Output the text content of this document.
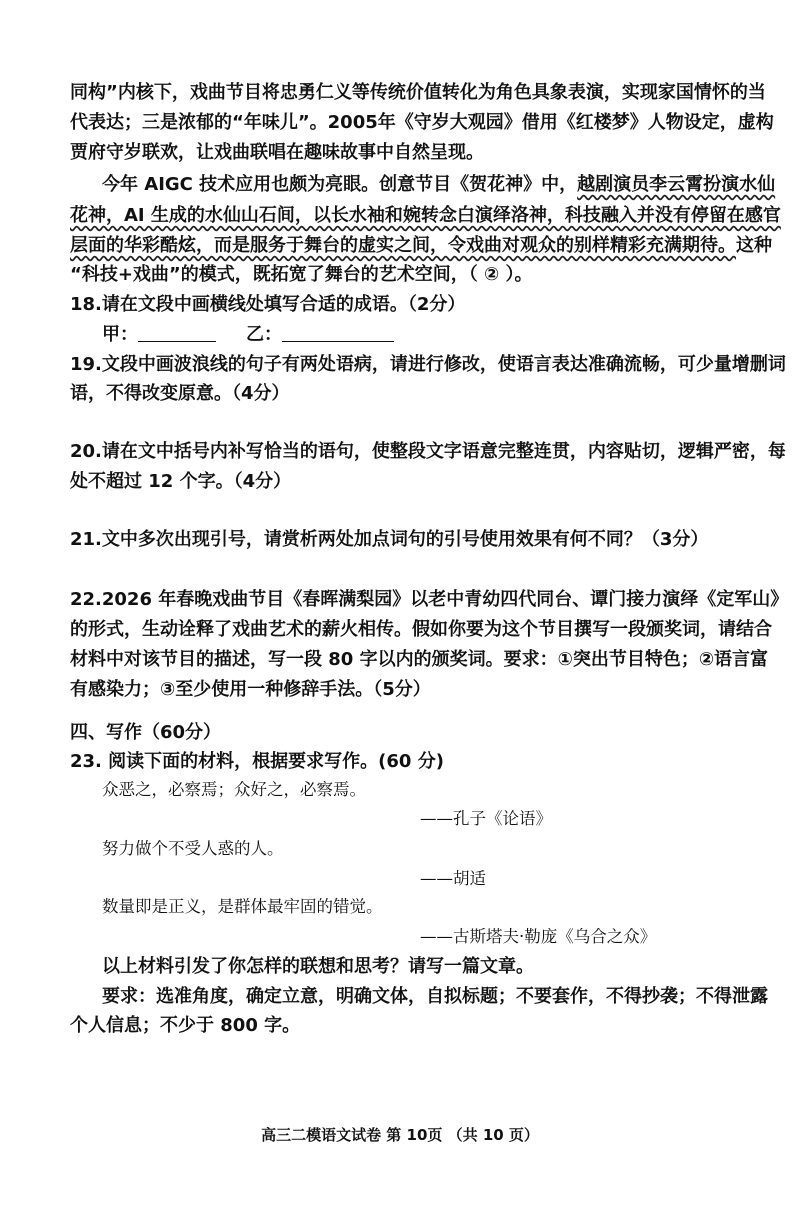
同构”内核下，戏曲节目将忠勇仁义等传统价值转化为角色具象表演，实现家国情怀的当
代表达；三是浓郁的“年味儿”。2005年《守岁大观园》借用《红楼梦》人物设定，虚构
贾府守岁联欢，让戏曲联唱在趣味故事中自然呈现。
今年 AIGC 技术应用也颇为亮眼。创意节目《贺花神》中，越剧演员李云霄扮演水仙
花神，AI 生成的水仙山石间，以长水袖和婉转念白演绎洛神，科技融入并没有停留在感官
层面的华彩酷炫，而是服务于舞台的虚实之间，令戏曲对观众的别样精彩充满期待。这种
“科技+戏曲”的模式，既拓宽了舞台的艺术空间，（ ② ）。
18.请在文段中画横线处填写合适的成语。（2分）
甲：	乙：
19.文段中画波浪线的句子有两处语病，请进行修改，使语言表达准确流畅，可少量增删词
语，不得改变原意。（4分）
20.请在文中括号内补写恰当的语句，使整段文字语意完整连贯，内容贴切，逻辑严密，每
处不超过 12 个字。（4分）
21.文中多次出现引号，请赏析两处加点词句的引号使用效果有何不同？（3分）
22.2026 年春晚戏曲节目《春晖满梨园》以老中青幼四代同台、谭门接力演绎《定军山》
的形式，生动诠释了戏曲艺术的薪火相传。假如你要为这个节目撰写一段颁奖词，请结合
材料中对该节目的描述，写一段 80 字以内的颁奖词。要求：①突出节目特色；②语言富
有感染力；③至少使用一种修辞手法。（5分）
四、写作（60分）
23. 阅读下面的材料，根据要求写作。(60 分)
众恶之，必察焉；众好之，必察焉。
——孔子《论语》
努力做个不受人惑的人。
——胡适
数量即是正义，是群体最牢固的错觉。
——古斯塔夫·勒庞《乌合之众》
以上材料引发了你怎样的联想和思考？请写一篇文章。
要求：选准角度，确定立意，明确文体，自拟标题；不要套作，不得抄袭；不得泄露
个人信息；不少于 800 字。
高三二模语文试卷 第 10页 （共 10 页）
